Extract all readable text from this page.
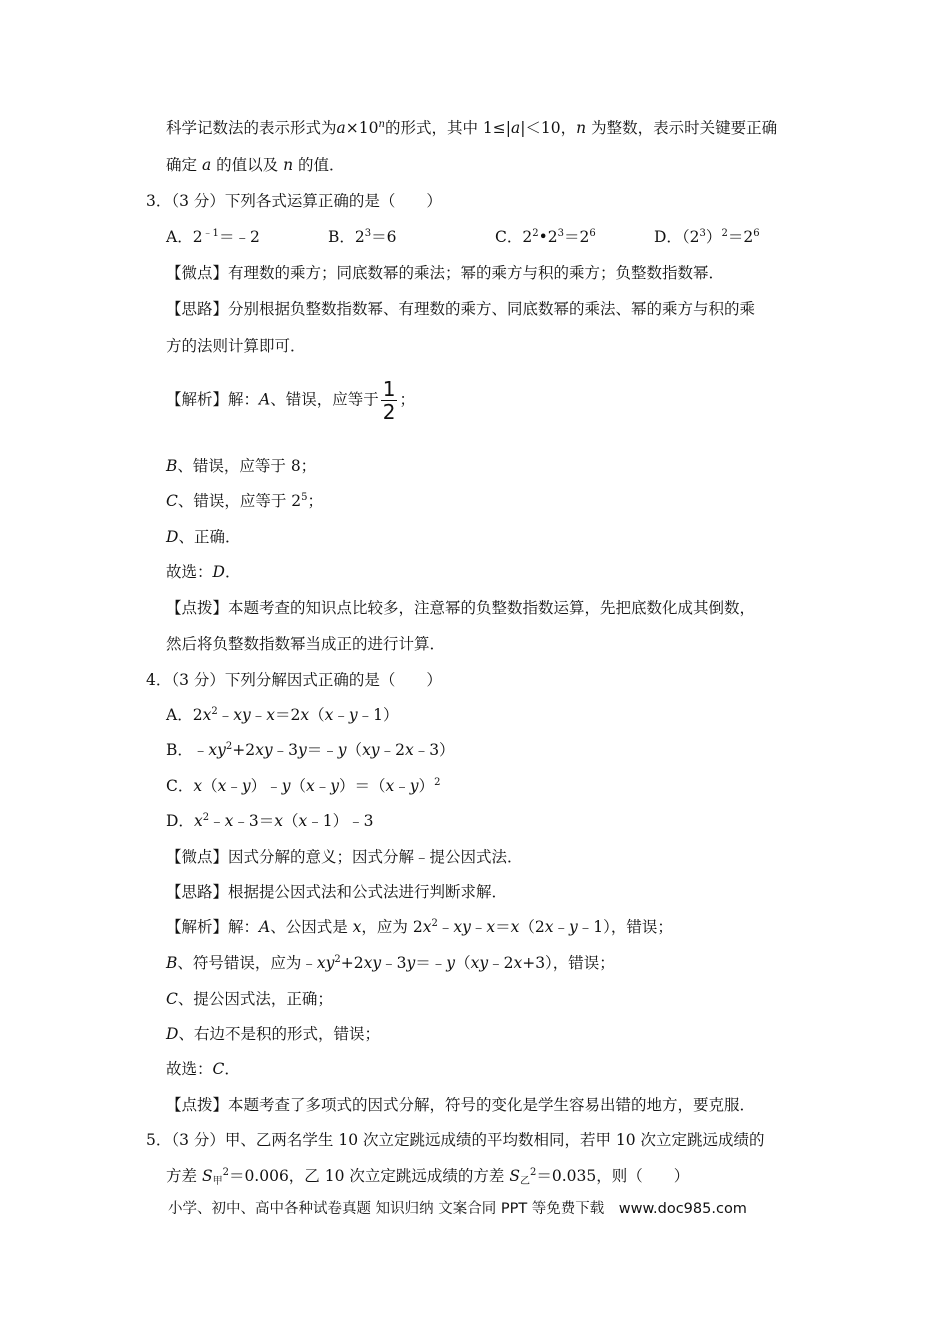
科学记数法的表示形式为$a\times 10^n$的形式，其中 1≤|a|＜10，n 为整数，表示时关键要正确
确定 a 的值以及 n 的值．
3．（3 分）下列各式运算正确的是（　　）
A．$2^{﹣1}=﹣2$	B．$2^3=6$	C．$2^2•2^3=2^6$	D．$(2^3)^2=2^6$
【微点】有理数的乘方；同底数幂的乘法；幂的乘方与积的乘方；负整数指数幂．
【思路】分别根据负整数指数幂、有理数的乘方、同底数幂的乘法、幂的乘方与积的乘
方的法则计算即可．
【解析】解：A、错误，应等于 $\frac{1}{2}$ ；
B、错误，应等于 8；
C、错误，应等于 $2^5$；
D、正确．
故选：D．
【点拨】本题考查的知识点比较多，注意幂的负整数指数运算，先把底数化成其倒数，
然后将负整数指数幂当成正的进行计算．
4．（3 分）下列分解因式正确的是（　　）
A．$2x^2﹣xy﹣x=2x(x﹣y﹣1)$
B．$﹣xy^2+2xy﹣3y=﹣y(xy﹣2x﹣3)$
C．x（x﹣y）﹣y（x﹣y）＝（x﹣y）$^2$
D．$x^2﹣x﹣3=x(x﹣1)﹣3$
【微点】因式分解的意义；因式分解﹣提公因式法．
【思路】根据提公因式法和公式法进行判断求解．
【解析】解：A、公因式是 x，应为 $2x^2﹣xy﹣x=x(2x﹣y﹣1)$，错误；
B、符号错误，应为$﹣xy^2+2xy﹣3y=﹣y(xy﹣2x+3)$，错误；
C、提公因式法，正确；
D、右边不是积的形式，错误；
故选：C．
【点拨】本题考查了多项式的因式分解，符号的变化是学生容易出错的地方，要克服．
5．（3 分）甲、乙两名学生 10 次立定跳远成绩的平均数相同，若甲 10 次立定跳远成绩的
方差 $S_甲^2=0.006$，乙 10 次立定跳远成绩的方差 $S_乙^2=0.035$，则（　　）
小学、初中、高中各种试卷真题 知识归纳 文案合同 PPT 等免费下载　www.doc985.com
